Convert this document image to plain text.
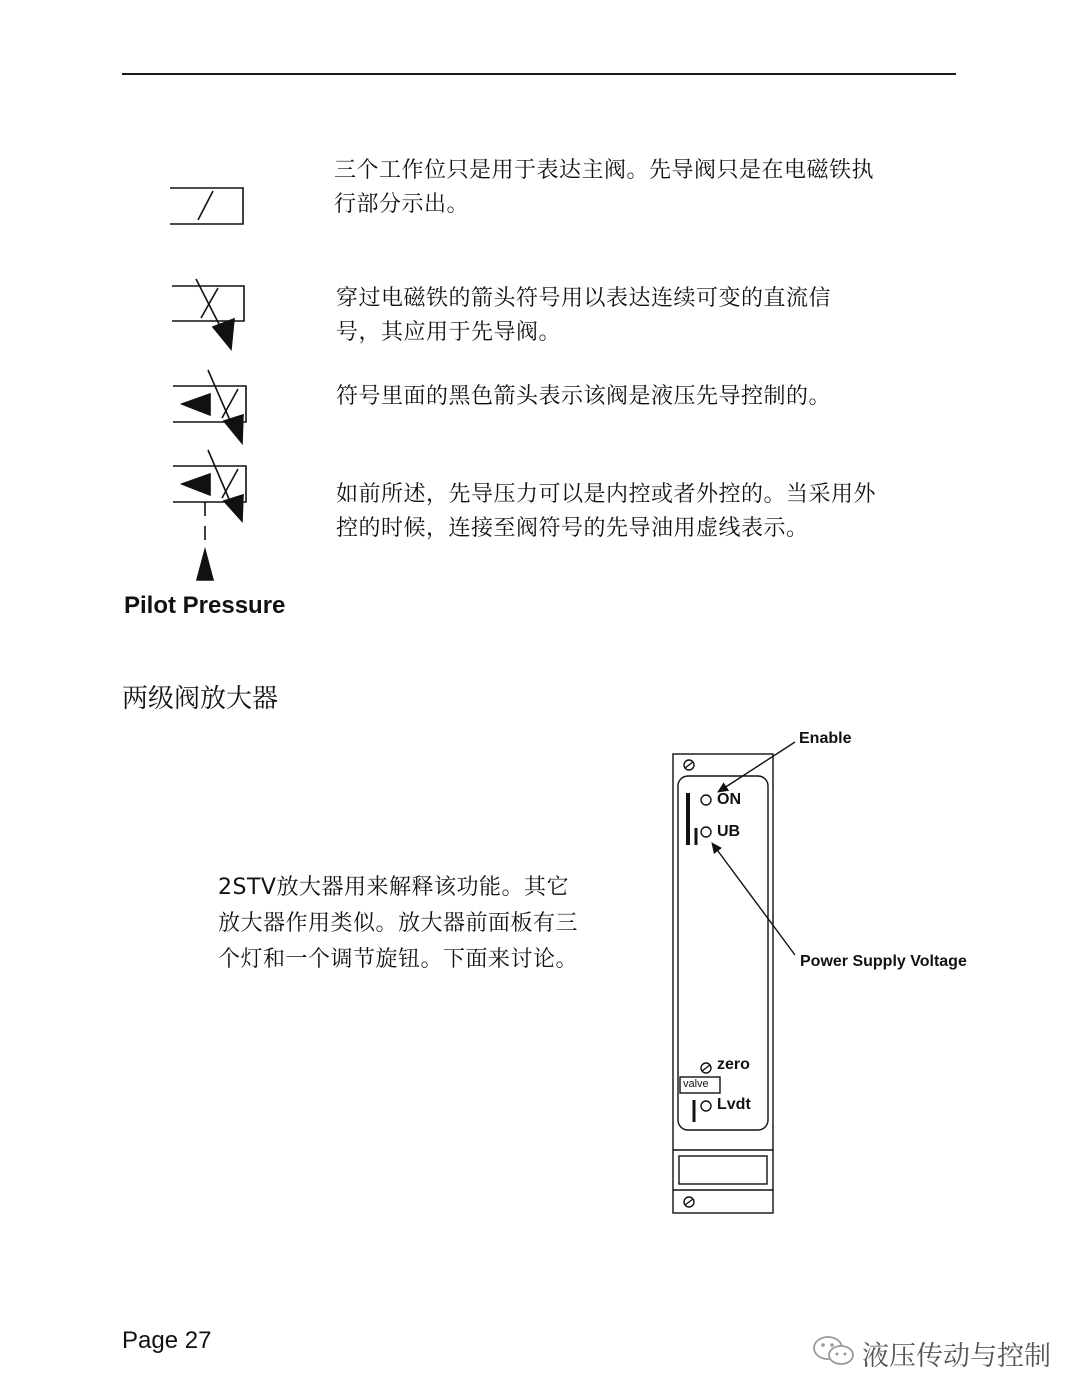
三个工作位只是用于表达主阀。先导阀只是在电磁铁执
行部分示出。
穿过电磁铁的箭头符号用以表达连续可变的直流信
号，其应用于先导阀。
符号里面的黑色箭头表示该阀是液压先导控制的。
如前所述，先导压力可以是内控或者外控的。当采用外
控的时候，连接至阀符号的先导油用虚线表示。
Pilot Pressure
两级阀放大器
2STV放大器用来解释该功能。其它
放大器作用类似。放大器前面板有三
个灯和一个调节旋钮。下面来讨论。
ON
UB
zero
valve
Lvdt
Enable
Power Supply Voltage
Page 27
液压传动与控制
